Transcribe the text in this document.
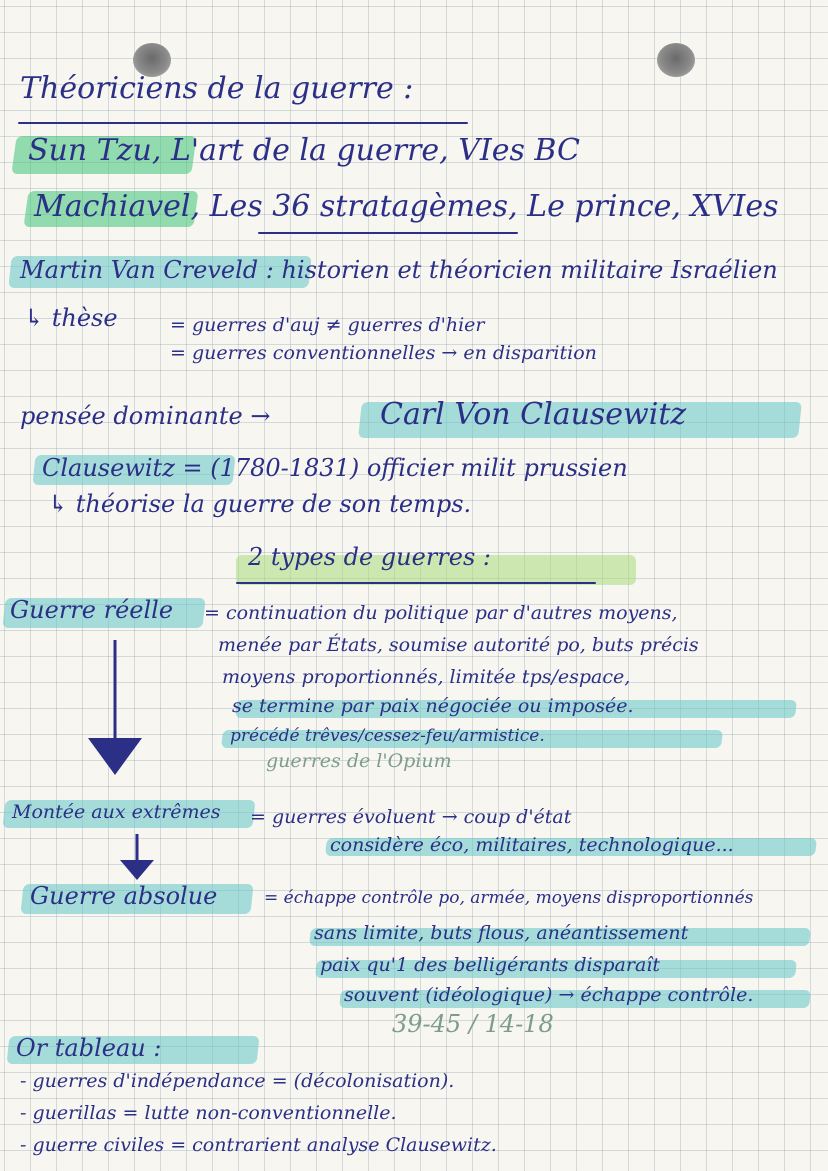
Théoriciens de la guerre :
Sun Tzu, L'art de la guerre, VIes BC
Machiavel, Les 36 stratagèmes, Le prince, XVIes
Martin Van Creveld : historien et théoricien militaire Israélien
↳ thèse	= guerres d'auj ≠ guerres d'hier
= guerres conventionnelles → en disparition
pensée dominante →	Carl Von Clausewitz
Clausewitz = (1780-1831) officier milit prussien
↳ théorise la guerre de son temps.
2 types de guerres :
Guerre réelle = continuation du politique par d'autres moyens,
menée par États, soumise autorité po, buts précis
moyens proportionnés, limitée tps/espace,
se termine par paix négociée ou imposée.
précédé trêves/cessez-feu/armistice.
guerres de l'Opium
Montée aux extrêmes = guerres évoluent → coup d'état
considère éco, militaires, technologique...
Guerre absolue	= échappe contrôle po, armée, moyens disproportionnés
sans limite, buts flous, anéantissement
paix qu'1 des belligérants disparaît
souvent (idéologique) → échappe contrôle.
39-45 / 14-18
Or tableau :
- guerres d'indépendance = (décolonisation).
- guerillas = lutte non-conventionnelle.
- guerre civiles = contrarient analyse Clausewitz.
